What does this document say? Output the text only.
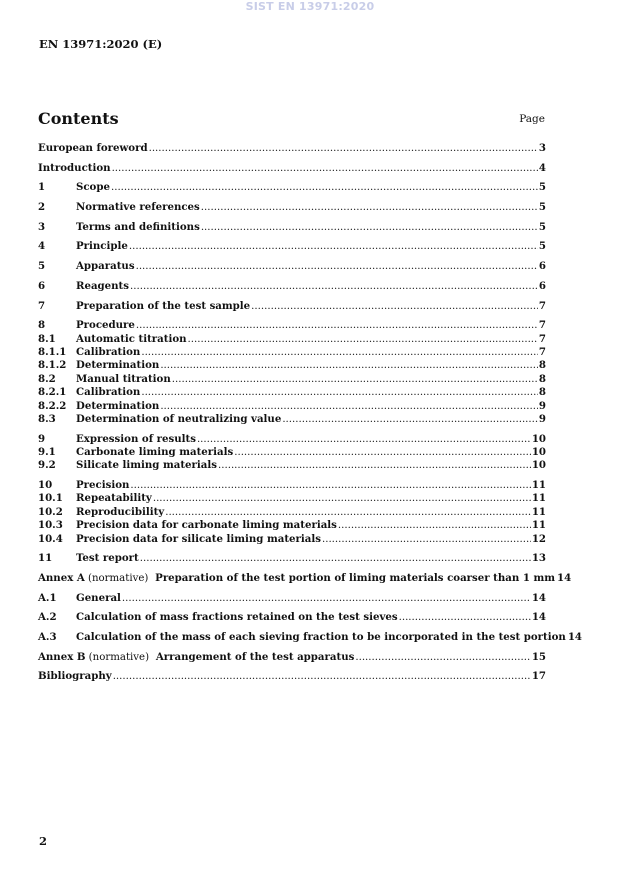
SIST EN 13971:2020
EN 13971:2020 (E)
Contents	Page
European foreword .....	3
Introduction .....	4
1	Scope .....	5
2	Normative references .....	5
3	Terms and definitions .....	5
4	Principle .....	5
5	Apparatus .....	6
6	Reagents .....	6
7	Preparation of the test sample .....	7
8	Procedure .....	7
8.1	Automatic titration .....	7
8.1.1 Calibration .....	7
8.1.2 Determination .....	8
8.2	Manual titration .....	8
8.2.1 Calibration .....	8
8.2.2 Determination .....	9
8.3	Determination of neutralizing value .....	9
9	Expression of results .....	10
9.1	Carbonate liming materials .....	10
9.2	Silicate liming materials .....	10
10	Precision .....	11
10.1	Repeatability .....	11
10.2	Reproducibility .....	11
10.3	Precision data for carbonate liming materials .....	11
10.4	Precision data for silicate liming materials .....	12
11	Test report .....	13
Annex A (normative)  Preparation of the test portion of liming materials coarser than 1 mm 14
A.1	General .....	14
A.2	Calculation of mass fractions retained on the test sieves .....	14
A.3	Calculation of the mass of each sieving fraction to be incorporated in the test portion 14
Annex B (normative)  Arrangement of the test apparatus .....	15
Bibliography .....	17
2
